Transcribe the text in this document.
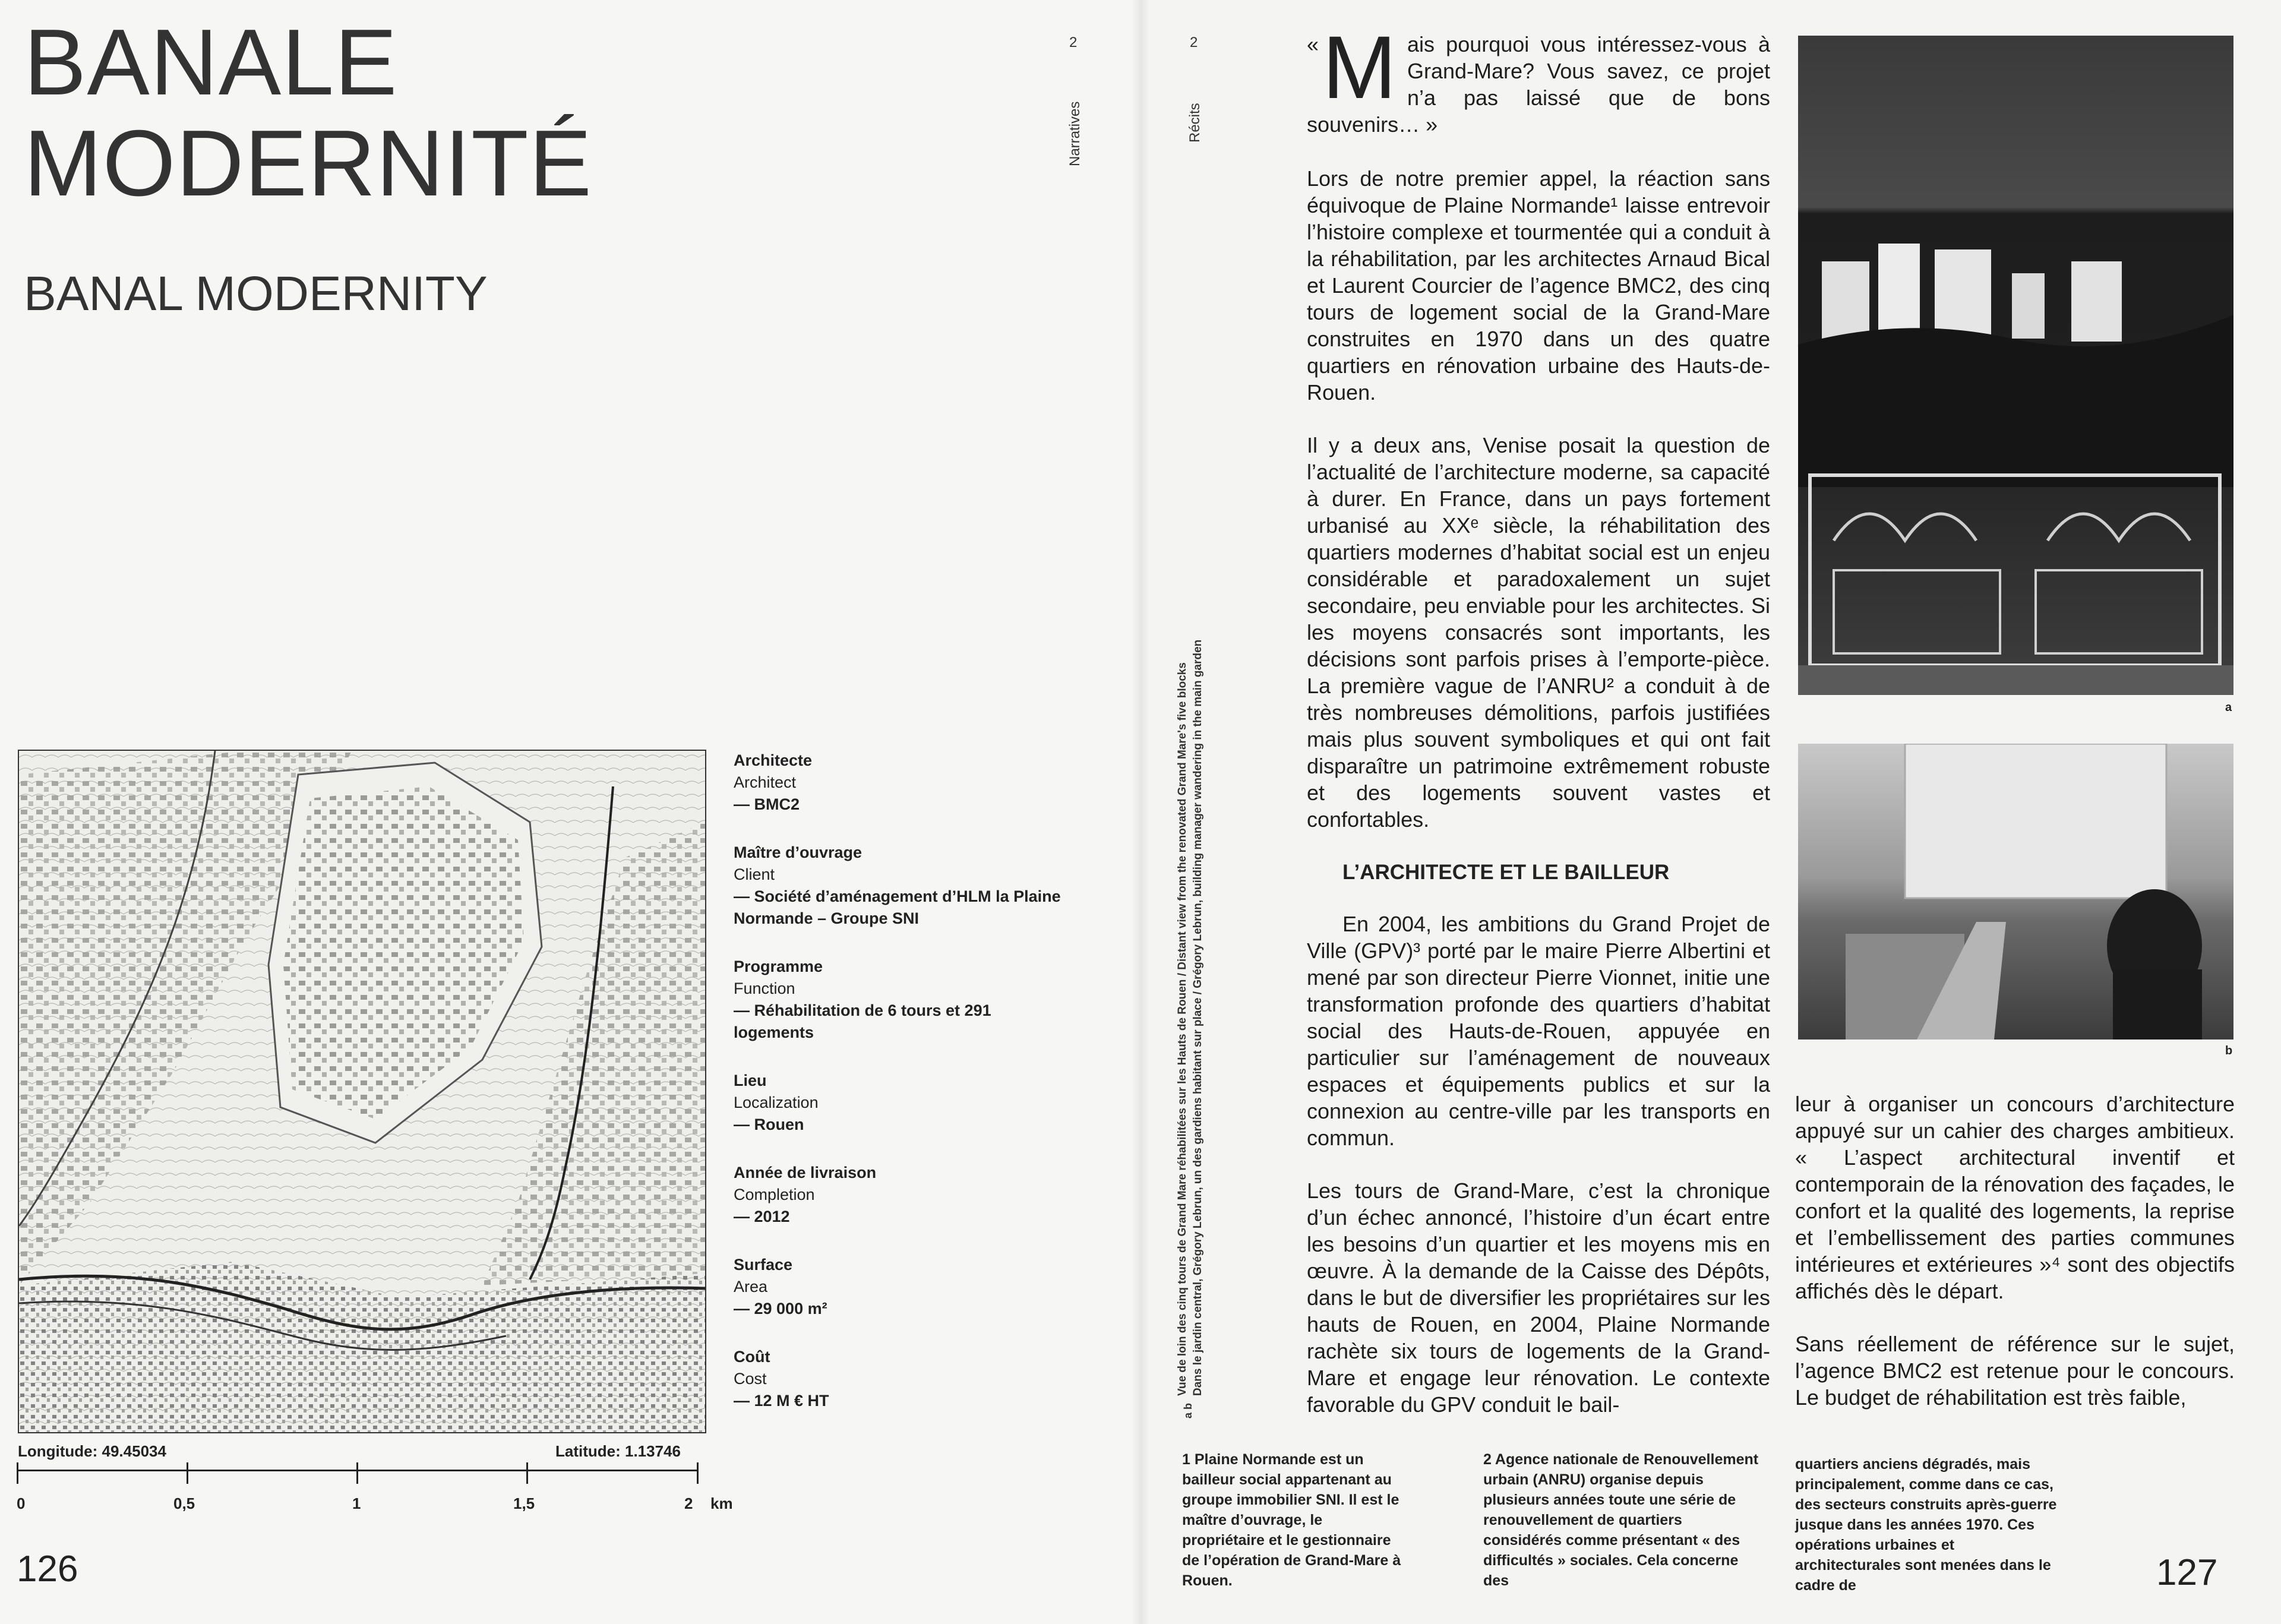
BANALE
MODERNITÉ
BANAL MODERNITY
2
Narratives
Longitude: 49.45034	Latitude: 1.13746
0	0,5	1	1,5	2 km
Architecte
Architect
— BMC2
Maître d’ouvrage
Client
— Société d’aménagement d’HLM la Plaine Normande – Groupe SNI
Programme
Function
— Réhabilitation de 6 tours et 291 logements
Lieu
Localization
— Rouen
Année de livraison
Completion
— 2012
Surface
Area
— 29 000 m²
Coût
Cost
— 12 M € HT
126
2
Récits
Vue de loin des cinq tours de Grand Mare réhabilitées sur les Hauts de Rouen / Distant view from the renovated Grand Mare's five blocks Dans le jardin central, Grégory Lebrun, un des gardiens habitant sur place / Grégory Lebrun, building manager wandering in the main garden
a b
« M ais pourquoi vous intéressez-vous à Grand-Mare? Vous savez, ce projet n’a pas laissé que de bons souvenirs… »

Lors de notre premier appel, la réaction sans équivoque de Plaine Normande¹ laisse entrevoir l’histoire complexe et tourmentée qui a conduit à la réhabilitation, par les architectes Arnaud Bical et Laurent Courcier de l’agence BMC2, des cinq tours de logement social de la Grand-Mare construites en 1970 dans un des quatre quartiers en rénovation urbaine des Hauts-de-Rouen.

Il y a deux ans, Venise posait la question de l’actualité de l’architecture moderne, sa capacité à durer. En France, dans un pays fortement urbanisé au XXᵉ siècle, la réhabilitation des quartiers modernes d’habitat social est un enjeu considérable et paradoxalement un sujet secondaire, peu enviable pour les architectes. Si les moyens consacrés sont importants, les décisions sont parfois prises à l’emporte-pièce. La première vague de l’ANRU² a conduit à de très nombreuses démolitions, parfois justifiées mais plus souvent symboliques et qui ont fait disparaître un patrimoine extrêmement robuste et des logements souvent vastes et confortables.

L’ARCHITECTE ET LE BAILLEUR

En 2004, les ambitions du Grand Projet de Ville (GPV)³ porté par le maire Pierre Albertini et mené par son directeur Pierre Vionnet, initie une transformation profonde des quartiers d’habitat social des Hauts-de-Rouen, appuyée en particulier sur l’aménagement de nouveaux espaces et équipements publics et sur la connexion au centre-ville par les transports en commun.

Les tours de Grand-Mare, c’est la chronique d’un échec annoncé, l’histoire d’un écart entre les besoins d’un quartier et les moyens mis en œuvre. À la demande de la Caisse des Dépôts, dans le but de diversifier les propriétaires sur les hauts de Rouen, en 2004, Plaine Normande rachète six tours de logements de la Grand-Mare et engage leur rénovation. Le contexte favorable du GPV conduit le bail-

a
b

leur à organiser un concours d’architecture appuyé sur un cahier des charges ambitieux. « L’aspect architectural inventif et contemporain de la rénovation des façades, le confort et la qualité des logements, la reprise et l’embellissement des parties communes intérieures et extérieures »⁴ sont des objectifs affichés dès le départ.

Sans réellement de référence sur le sujet, l’agence BMC2 est retenue pour le concours. Le budget de réhabilitation est très faible,

1 Plaine Normande est un bailleur social appartenant au groupe immobilier SNI. Il est le maître d’ouvrage, le propriétaire et le gestionnaire de l’opération de Grand-Mare à Rouen.
2 Agence nationale de Renouvellement urbain (ANRU) organise depuis plusieurs années toute une série de renouvellement de quartiers considérés comme présentant « des difficultés » sociales. Cela concerne des
quartiers anciens dégradés, mais principalement, comme dans ce cas, des secteurs construits après-guerre jusque dans les années 1970. Ces opérations urbaines et architecturales sont menées dans le cadre de	127
